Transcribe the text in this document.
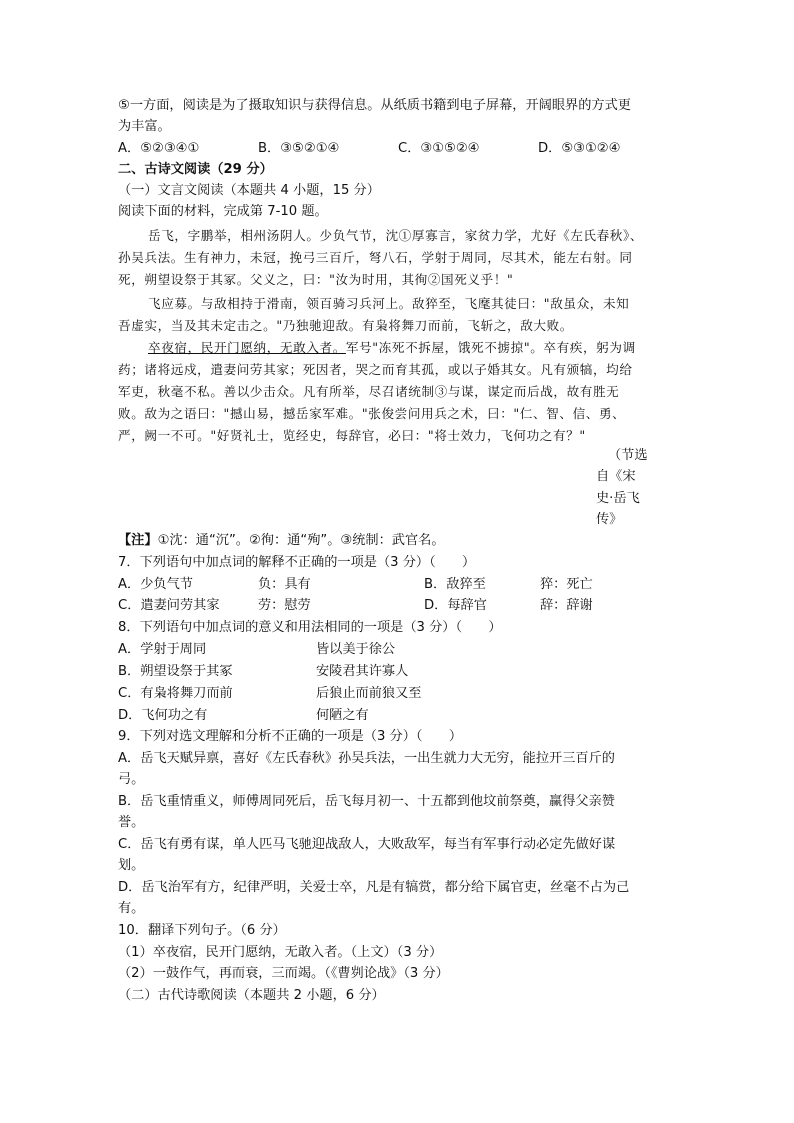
⑤一方面，阅读是为了摄取知识与获得信息。从纸质书籍到电子屏幕，开阔眼界的方式更
为丰富。
A．⑤②③④①	B．③⑤②①④	C．③①⑤②④	D．⑤③①②④
二、古诗文阅读（29 分）
（一）文言文阅读（本题共 4 小题，15 分）
阅读下面的材料，完成第 7-10 题。
岳飞，字鹏举，相州汤阴人。少负气节，沈①厚寡言，家贫力学，尤好《左氏春秋》、
孙吴兵法。生有神力，未冠，挽弓三百斤，弩八石，学射于周同，尽其术，能左右射。同
死，朔望设祭于其冢。父义之，曰："汝为时用，其徇②国死义乎！"
飞应募。与敌相持于滑南，领百骑习兵河上。敌猝至，飞麾其徒曰："敌虽众，未知
吾虚实，当及其未定击之。"乃独驰迎敌。有枭将舞刀而前，飞斩之，敌大败。
卒夜宿，民开门愿纳，无敢入者。军号"冻死不拆屋，饿死不掳掠"。卒有疾，躬为调
药；诸将远戍，遣妻问劳其家；死因者，哭之而育其孤，或以子婚其女。凡有颁犒，均给
军吏，秋毫不私。善以少击众。凡有所举，尽召诸统制③与谋，谋定而后战，故有胜无
败。敌为之语曰："撼山易，撼岳家军难。"张俊尝问用兵之术，曰："仁、智、信、勇、
严，阙一不可。"好贤礼士，览经史，每辞官，必曰："将士效力，飞何功之有？"
（节选
自《宋
史·岳飞
传》
【注】①沈：通“沉”。②徇：通“殉”。③统制：武官名。
7．下列语句中加点词的解释不正确的一项是（3 分）（　　）
A．少负气节	负：具有	B．敌猝至	猝：死亡
C．遣妻问劳其家	劳：慰劳	D．每辞官	辞：辞谢
8．下列语句中加点词的意义和用法相同的一项是（3 分）（　　）
A．学射于周同	皆以美于徐公
B．朔望设祭于其冢	安陵君其许寡人
C．有枭将舞刀而前	后狼止而前狼又至
D．飞何功之有	何陋之有
9．下列对选文理解和分析不正确的一项是（3 分）（　　）
A．岳飞天赋异禀，喜好《左氏春秋》孙吴兵法，一出生就力大无穷，能拉开三百斤的
弓。
B．岳飞重情重义，师傅周同死后，岳飞每月初一、十五都到他坟前祭奠，赢得父亲赞
誉。
C．岳飞有勇有谋，单人匹马飞驰迎战敌人，大败敌军，每当有军事行动必定先做好谋
划。
D．岳飞治军有方，纪律严明，关爱士卒，凡是有犒赏，都分给下属官吏，丝毫不占为己
有。
10．翻译下列句子。（6 分）
（1）卒夜宿，民开门愿纳，无敢入者。（上文）（3 分）
（2）一鼓作气，再而衰，三而竭。（《曹刿论战》（3 分）
（二）古代诗歌阅读（本题共 2 小题，6 分）
